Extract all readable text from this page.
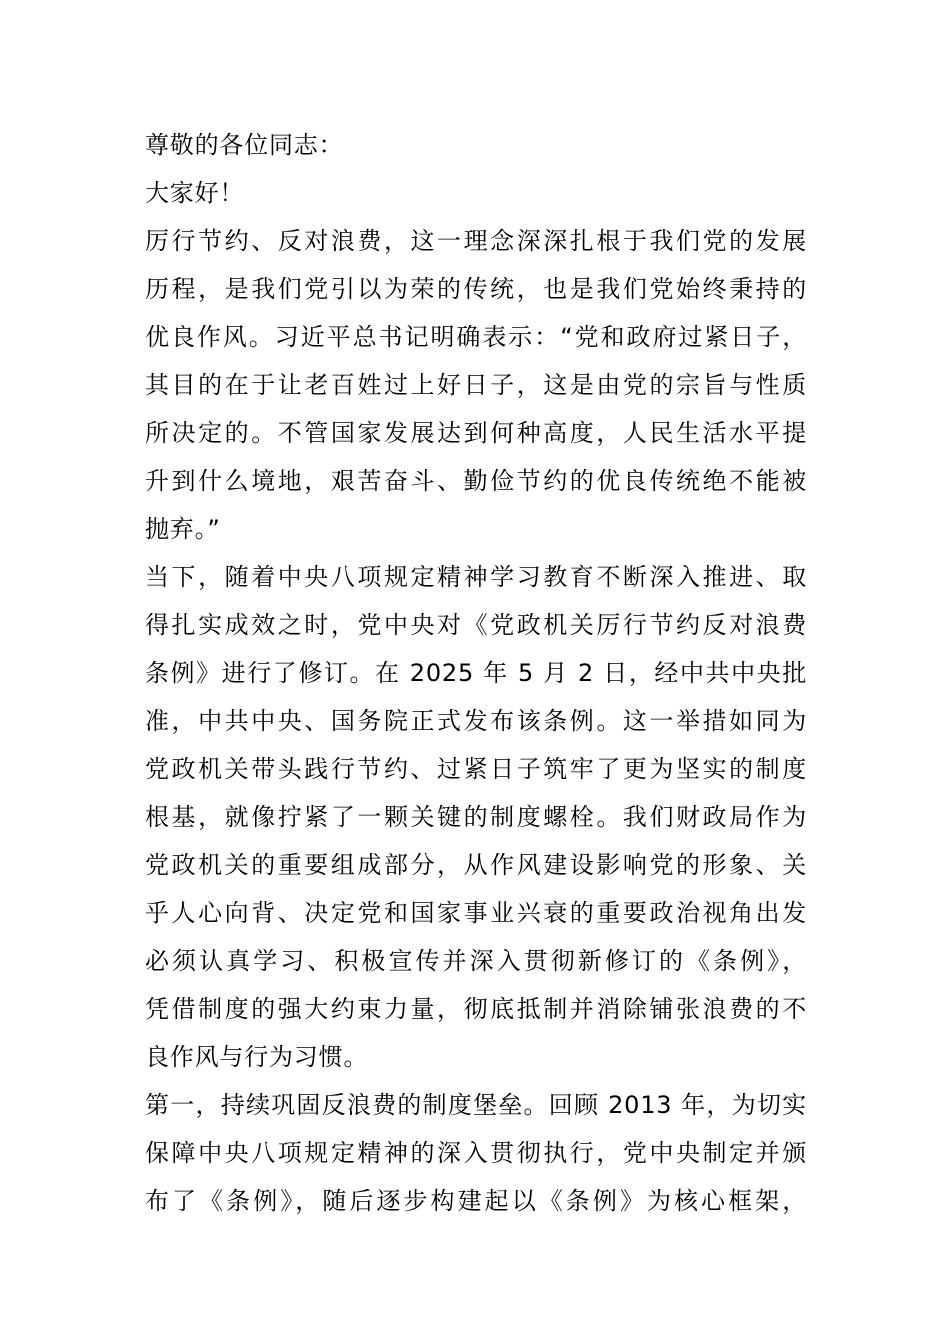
尊敬的各位同志：
大家好！
厉行节约、反对浪费，这一理念深深扎根于我们党的发展
历程，是我们党引以为荣的传统，也是我们党始终秉持的
优良作风。习近平总书记明确表示：“党和政府过紧日子，
其目的在于让老百姓过上好日子，这是由党的宗旨与性质
所决定的。不管国家发展达到何种高度，人民生活水平提
升到什么境地，艰苦奋斗、勤俭节约的优良传统绝不能被
抛弃。”
当下，随着中央八项规定精神学习教育不断深入推进、取
得扎实成效之时，党中央对《党政机关厉行节约反对浪费
条例》进行了修订。在 2025 年 5 月 2 日，经中共中央批
准，中共中央、国务院正式发布该条例。这一举措如同为
党政机关带头践行节约、过紧日子筑牢了更为坚实的制度
根基，就像拧紧了一颗关键的制度螺栓。我们财政局作为
党政机关的重要组成部分，从作风建设影响党的形象、关
乎人心向背、决定党和国家事业兴衰的重要政治视角出发
必须认真学习、积极宣传并深入贯彻新修订的《条例》，
凭借制度的强大约束力量，彻底抵制并消除铺张浪费的不
良作风与行为习惯。
第一，持续巩固反浪费的制度堡垒。回顾 2013 年，为切实
保障中央八项规定精神的深入贯彻执行，党中央制定并颁
布了《条例》，随后逐步构建起以《条例》为核心框架，
